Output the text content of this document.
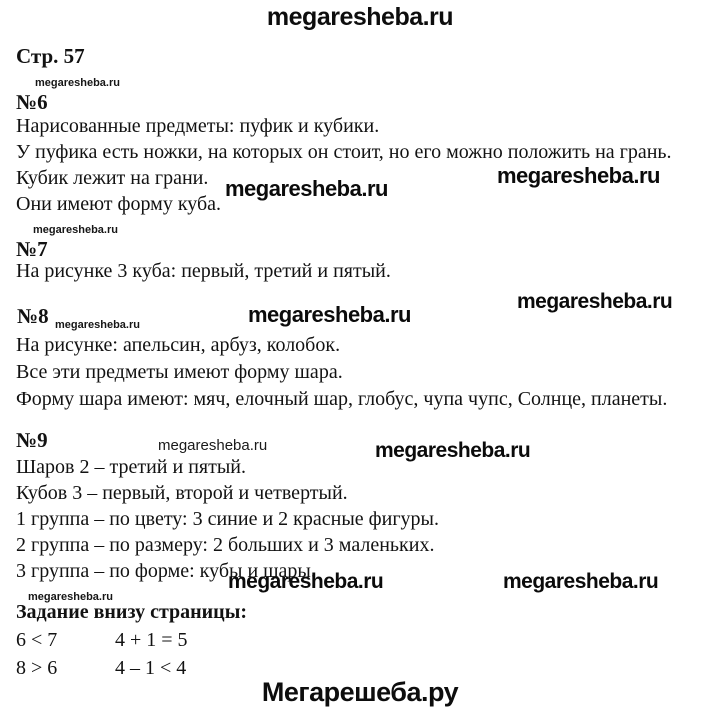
megaresheba.ru
Стр. 57
megaresheba.ru
№6
Нарисованные предметы: пуфик и кубики.
У пуфика есть ножки, на которых он стоит, но его можно положить на грань.
Кубик лежит на грани.
Они имеют форму куба.
megaresheba.ru
megaresheba.ru
megaresheba.ru
№7
На рисунке 3 куба: первый, третий и пятый.
megaresheba.ru
№8 megaresheba.ru	megaresheba.ru
На рисунке: апельсин, арбуз, колобок.
Все эти предметы имеют форму шара.
Форму шара имеют: мяч, елочный шар, глобус, чупа чупс, Солнце, планеты.
№9	megaresheba.ru	megaresheba.ru
Шаров 2 – третий и пятый.
Кубов 3 – первый, второй и четвертый.
1 группа – по цвету: 3 синие и 2 красные фигуры.
2 группа – по размеру: 2 больших и 3 маленьких.
3 группа – по форме: кубы и шары.
megaresheba.ru	megaresheba.ru
megaresheba.ru
Задание внизу страницы:
6 < 7	4 + 1 = 5
8 > 6	4 – 1 < 4
Мегарешеба.ру
